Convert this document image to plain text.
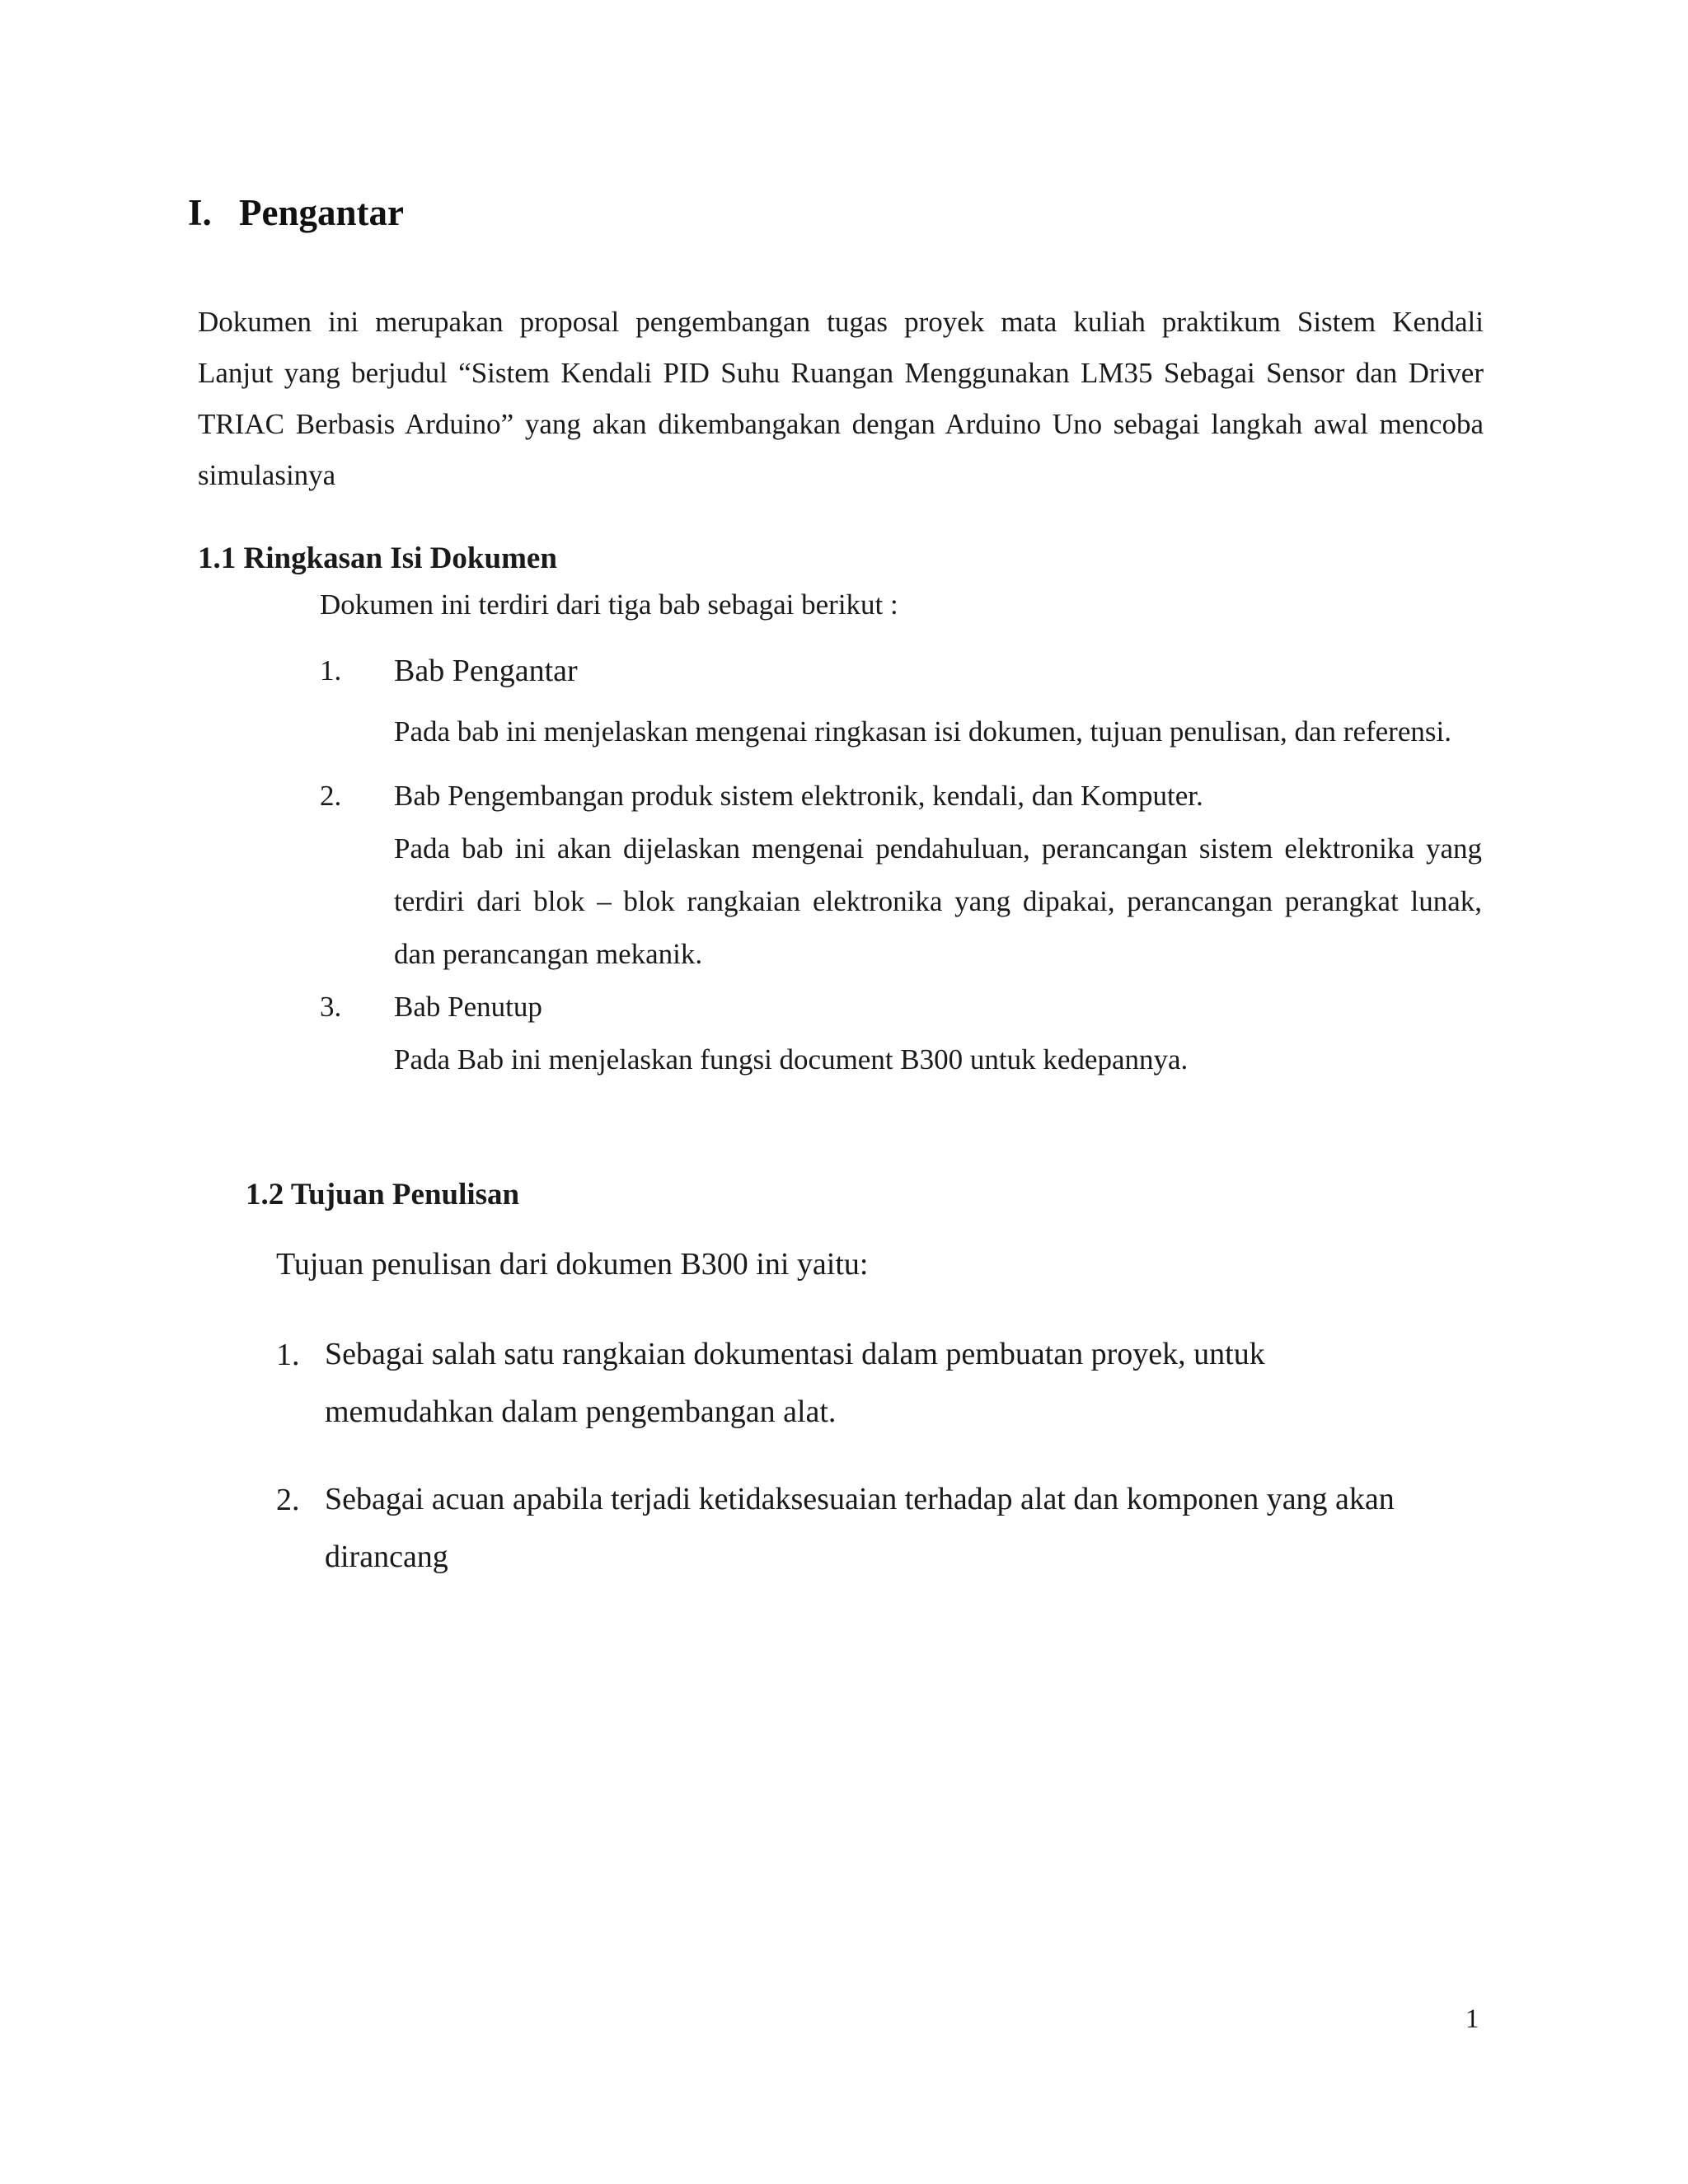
I. Pengantar
Dokumen ini merupakan proposal pengembangan tugas proyek mata kuliah praktikum Sistem Kendali
Lanjut yang berjudul “Sistem Kendali PID Suhu Ruangan Menggunakan LM35 Sebagai Sensor dan Driver
TRIAC Berbasis Arduino” yang akan dikembangakan dengan Arduino Uno sebagai langkah awal mencoba
simulasinya
1.1 Ringkasan Isi Dokumen
Dokumen ini terdiri dari tiga bab sebagai berikut :
1. Bab Pengantar
Pada bab ini menjelaskan mengenai ringkasan isi dokumen, tujuan penulisan, dan referensi.
2. Bab Pengembangan produk sistem elektronik, kendali, dan Komputer.
Pada bab ini akan dijelaskan mengenai pendahuluan, perancangan sistem elektronika yang
terdiri dari blok – blok rangkaian elektronika yang dipakai, perancangan perangkat lunak,
dan perancangan mekanik.
3. Bab Penutup
Pada Bab ini menjelaskan fungsi document B300 untuk kedepannya.
1.2 Tujuan Penulisan
Tujuan penulisan dari dokumen B300 ini yaitu:
1. Sebagai salah satu rangkaian dokumentasi dalam pembuatan proyek, untuk
memudahkan dalam pengembangan alat.
2. Sebagai acuan apabila terjadi ketidaksesuaian terhadap alat dan komponen yang akan
dirancang
1
